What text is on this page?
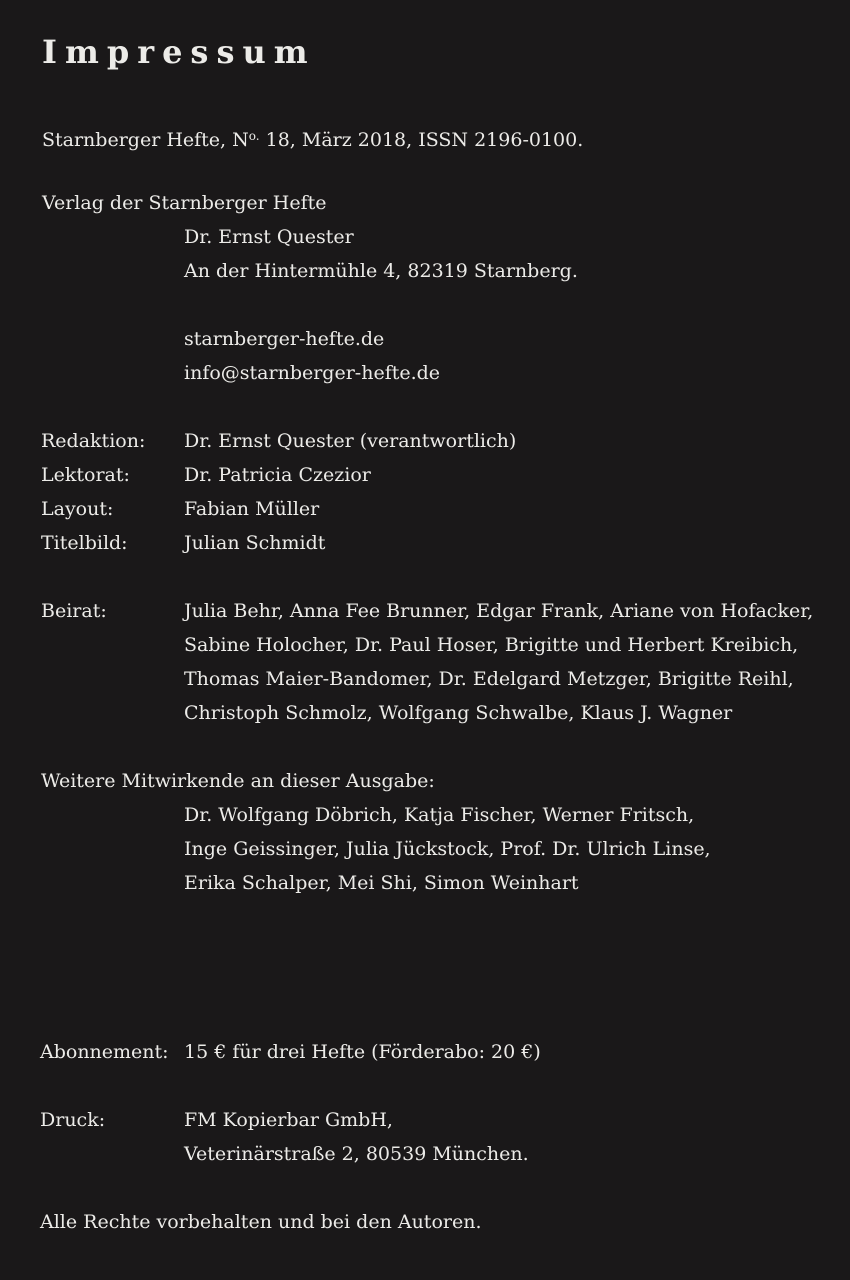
Impressum
Starnberger Hefte, $N^{o.}$ 18, März 2018, ISSN 2196-0100.
Verlag der Starnberger Hefte
Dr. Ernst Quester
An der Hintermühle 4, 82319 Starnberg.
starnberger-hefte.de
info@starnberger-hefte.de
Redaktion: Dr. Ernst Quester (verantwortlich)
Lektorat:	Dr. Patricia Czezior
Layout:	Fabian Müller
Titelbild:	Julian Schmidt
Beirat:	Julia Behr, Anna Fee Brunner, Edgar Frank, Ariane von Hofacker,
Sabine Holocher, Dr. Paul Hoser, Brigitte und Herbert Kreibich,
Thomas Maier-Bandomer, Dr. Edelgard Metzger, Brigitte Reihl,
Christoph Schmolz, Wolfgang Schwalbe, Klaus J. Wagner
Weitere Mitwirkende an dieser Ausgabe:
Dr. Wolfgang Döbrich, Katja Fischer, Werner Fritsch,
Inge Geissinger, Julia Jückstock, Prof. Dr. Ulrich Linse,
Erika Schalper, Mei Shi, Simon Weinhart
Abonnement: 15 € für drei Hefte (Förderabo: 20 €)
Druck:	FM Kopierbar GmbH,
Veterinärstraße 2, 80539 München.
Alle Rechte vorbehalten und bei den Autoren.
